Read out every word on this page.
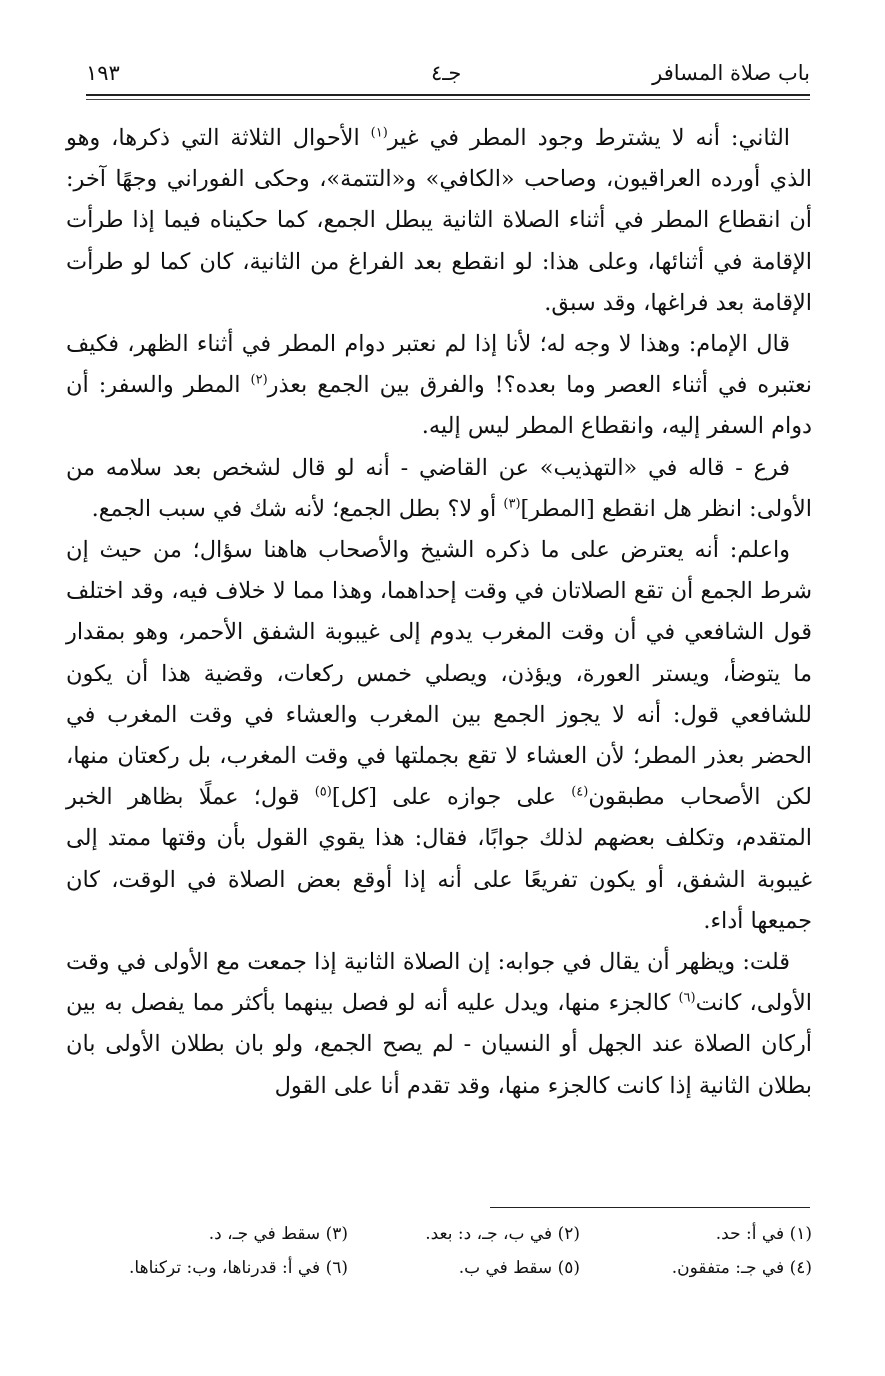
باب صلاة المسافر
جـ٤
١٩٣

الثاني: أنه لا يشترط وجود المطر في غير$^{(١)}$ الأحوال الثلاثة التي ذكرها، وهو الذي أورده العراقيون، وصاحب «الكافي» و«التتمة»، وحكى الفوراني وجهًا آخر: أن انقطاع المطر في أثناء الصلاة الثانية يبطل الجمع، كما حكيناه فيما إذا طرأت الإقامة في أثنائها، وعلى هذا: لو انقطع بعد الفراغ من الثانية، كان كما لو طرأت الإقامة بعد فراغها، وقد سبق.

قال الإمام: وهذا لا وجه له؛ لأنا إذا لم نعتبر دوام المطر في أثناء الظهر، فكيف نعتبره في أثناء العصر وما بعده؟! والفرق بين الجمع بعذر$^{(٢)}$ المطر والسفر: أن دوام السفر إليه، وانقطاع المطر ليس إليه.

فرع - قاله في «التهذيب» عن القاضي - أنه لو قال لشخص بعد سلامه من الأولى: انظر هل انقطع [المطر]$^{(٣)}$ أو لا؟ بطل الجمع؛ لأنه شك في سبب الجمع.

واعلم: أنه يعترض على ما ذكره الشيخ والأصحاب هاهنا سؤال؛ من حيث إن شرط الجمع أن تقع الصلاتان في وقت إحداهما، وهذا مما لا خلاف فيه، وقد اختلف قول الشافعي في أن وقت المغرب يدوم إلى غيبوبة الشفق الأحمر، وهو بمقدار ما يتوضأ، ويستر العورة، ويؤذن، ويصلي خمس ركعات، وقضية هذا أن يكون للشافعي قول: أنه لا يجوز الجمع بين المغرب والعشاء في وقت المغرب في الحضر بعذر المطر؛ لأن العشاء لا تقع بجملتها في وقت المغرب، بل ركعتان منها، لكن الأصحاب مطبقون$^{(٤)}$ على جوازه على [كل]$^{(٥)}$ قول؛ عملًا بظاهر الخبر المتقدم، وتكلف بعضهم لذلك جوابًا، فقال: هذا يقوي القول بأن وقتها ممتد إلى غيبوبة الشفق، أو يكون تفريعًا على أنه إذا أوقع بعض الصلاة في الوقت، كان جميعها أداء.

قلت: ويظهر أن يقال في جوابه: إن الصلاة الثانية إذا جمعت مع الأولى في وقت الأولى، كانت$^{(٦)}$ كالجزء منها، ويدل عليه أنه لو فصل بينهما بأكثر مما يفصل به بين أركان الصلاة عند الجهل أو النسيان - لم يصح الجمع، ولو بان بطلان الأولى بان بطلان الثانية إذا كانت كالجزء منها، وقد تقدم أنا على القول

(١) في أ: حد.
(٢) في ب، جـ، د: بعد.
(٣) سقط في جـ، د.
(٤) في جـ: متفقون.
(٥) سقط في ب.
(٦) في أ: قدرناها، وب: تركناها.
